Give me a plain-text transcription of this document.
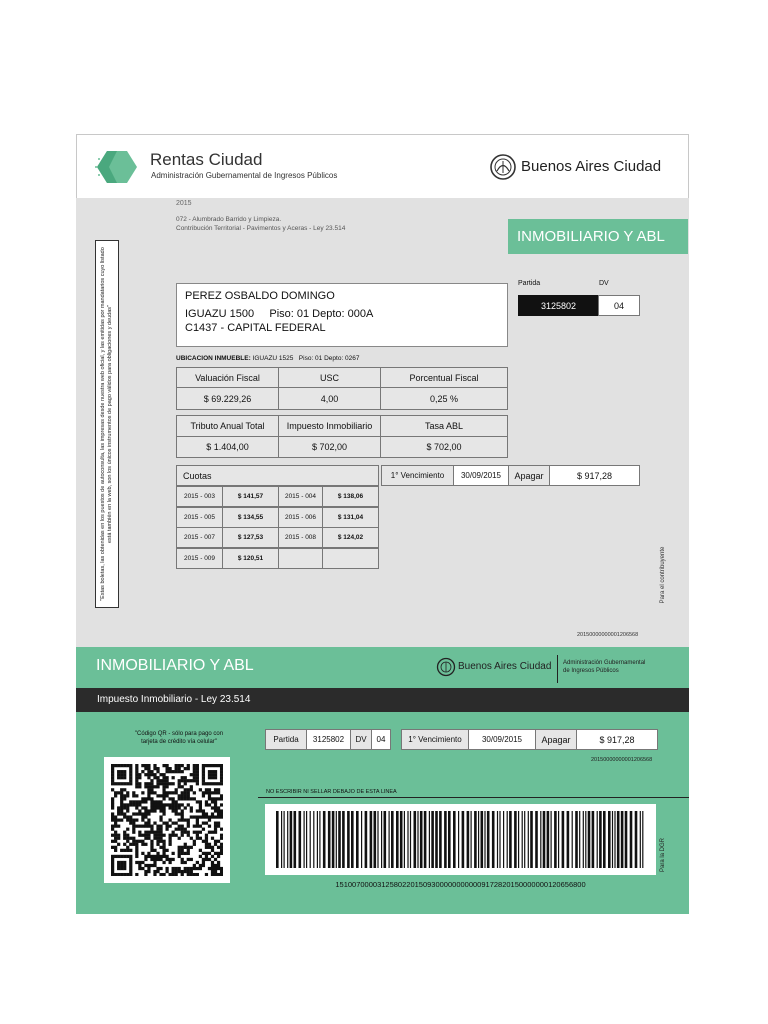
Rentas Ciudad
Administración Gubernamental de Ingresos Públicos
Buenos Aires Ciudad
2015
072 - Alumbrado Barrido y Limpieza.
Contribución Territorial - Pavimentos y Aceras - Ley 23.514	INMOBILIARIO Y ABL
"Estas boletas, las obtenidas en los puestos de autoconsulta, las impresas desde nuestra web oficial, y las emitidas por mandatarios cuyo listado está también en la web, son los únicos instrumentos de pago válidos para obligaciones y deudas"
PEREZ OSBALDO DOMINGO
IGUAZU 1500     Piso: 01 Depto: 000A
C1437 - CAPITAL FEDERAL
Partida	DV
3125802	04
UBICACION INMUEBLE: IGUAZU 1525   Piso: 01 Depto: 0267
Valuación Fiscal	USC	Porcentual Fiscal
$ 69.229,26	4,00	0,25 %
Tributo Anual Total	Impuesto Inmobiliario	Tasa ABL
$ 1.404,00	$ 702,00	$ 702,00
Cuotas
2015 - 003	$ 141,57	2015 - 004	$ 138,06
2015 - 005	$ 134,55	2015 - 006	$ 131,04
2015 - 007	$ 127,53	2015 - 008	$ 124,02
2015 - 009	$ 120,51
1° Vencimiento	30/09/2015	Apagar	$ 917,28
Para el contribuyente
20150000000001206568
INMOBILIARIO Y ABL	Buenos Aires Ciudad Administración Gubernamental
de Ingresos Públicos
Impuesto Inmobiliario - Ley 23.514
"Código QR - sólo para pago con
tarjeta de crédito vía celular"	Partida	3125802	DV	04	1° Vencimiento	30/09/2015	Apagar	$ 917,28
20150000000001206568
NO ESCRIBIR NI SELLAR DEBAJO DE ESTA LINEA
151007000031258022015093000000000009172820150000000120656800
Para la DGR
